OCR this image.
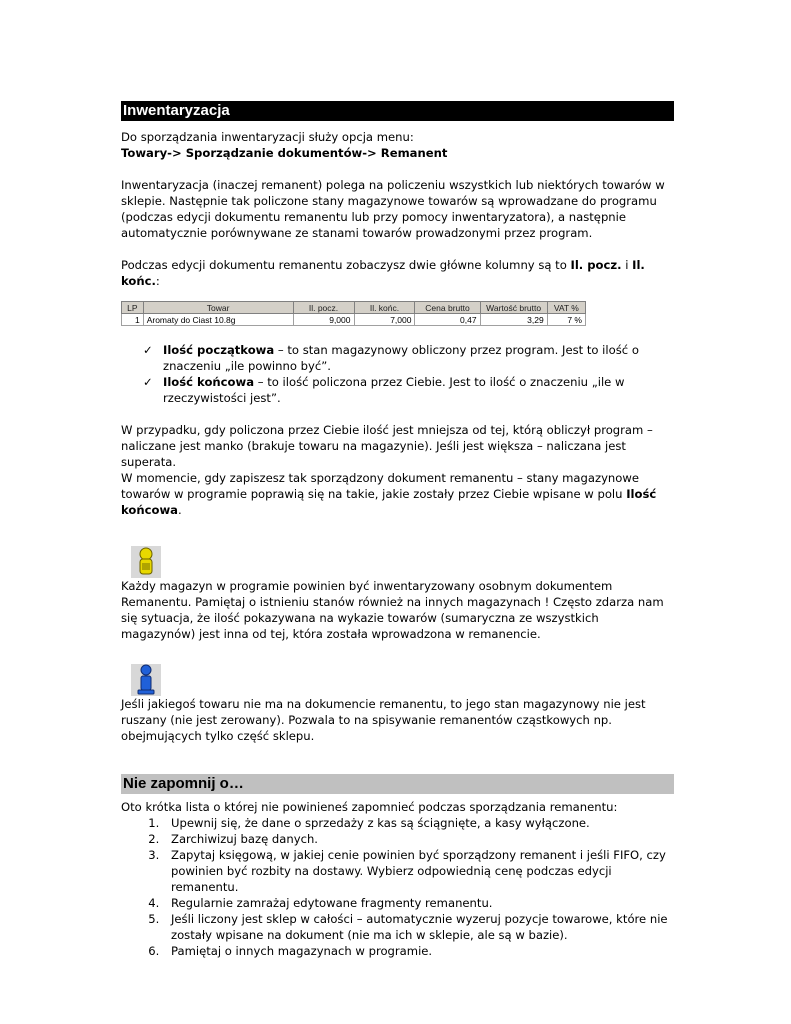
Inwentaryzacja

Do sporządzania inwentaryzacji służy opcja menu:

Towary-> Sporządzanie dokumentów-> Remanent

Inwentaryzacja (inaczej remanent) polega na policzeniu wszystkich lub niektórych towarów w sklepie. Następnie tak policzone stany magazynowe towarów są wprowadzane do programu (podczas edycji dokumentu remanentu lub przy pomocy inwentaryzatora), a następnie automatycznie porównywane ze stanami towarów prowadzonymi przez program.

Podczas edycji dokumentu remanentu zobaczysz dwie główne kolumny są to Il. pocz. i Il. końc.:

LP	Towar	Il. pocz.	Il. końc.	Cena brutto	Wartość brutto	VAT %
1	Aromaty do Ciast 10.8g	9,000	7,000	0,47	3,29	7 %
✓ Ilość początkowa – to stan magazynowy obliczony przez program. Jest to ilość o znaczeniu „ile powinno być”.
✓ Ilość końcowa – to ilość policzona przez Ciebie. Jest to ilość o znaczeniu „ile w rzeczywistości jest”.

W przypadku, gdy policzona przez Ciebie ilość jest mniejsza od tej, którą obliczył program – naliczane jest manko (brakuje towaru na magazynie). Jeśli jest większa – naliczana jest superata.

W momencie, gdy zapiszesz tak sporządzony dokument remanentu – stany magazynowe towarów w programie poprawią się na takie, jakie zostały przez Ciebie wpisane w polu Ilość końcowa.

Każdy magazyn w programie powinien być inwentaryzowany osobnym dokumentem Remanentu. Pamiętaj o istnieniu stanów również na innych magazynach ! Często zdarza nam się sytuacja, że ilość pokazywana na wykazie towarów (sumaryczna ze wszystkich magazynów) jest inna od tej, która została wprowadzona w remanencie.

Jeśli jakiegoś towaru nie ma na dokumencie remanentu, to jego stan magazynowy nie jest ruszany (nie jest zerowany). Pozwala to na spisywanie remanentów cząstkowych np. obejmujących tylko część sklepu.

Nie zapomnij o…

Oto krótka lista o której nie powinieneś zapomnieć podczas sporządzania remanentu:

1. Upewnij się, że dane o sprzedaży z kas są ściągnięte, a kasy wyłączone.
2. Zarchiwizuj bazę danych.
3. Zapytaj księgową, w jakiej cenie powinien być sporządzony remanent i jeśli FIFO, czy powinien być rozbity na dostawy. Wybierz odpowiednią cenę podczas edycji remanentu.
4. Regularnie zamrażaj edytowane fragmenty remanentu.
5. Jeśli liczony jest sklep w całości – automatycznie wyzeruj pozycje towarowe, które nie zostały wpisane na dokument (nie ma ich w sklepie, ale są w bazie).
6. Pamiętaj o innych magazynach w programie.
